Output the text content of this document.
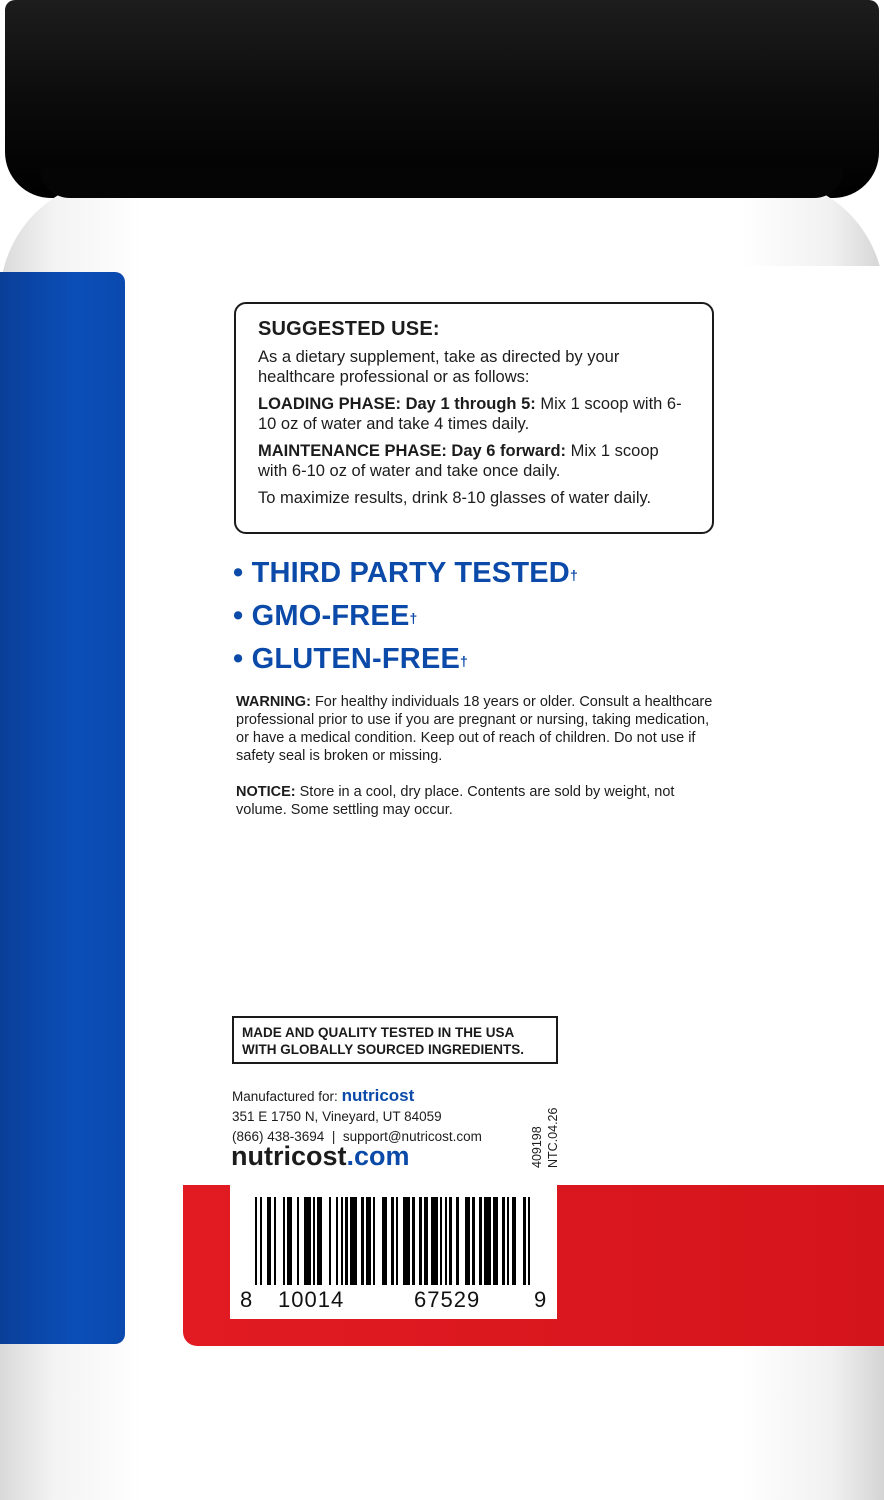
SUGGESTED USE:

As a dietary supplement, take as directed by your healthcare professional or as follows:

LOADING PHASE: Day 1 through 5: Mix 1 scoop with 6-10 oz of water and take 4 times daily.

MAINTENANCE PHASE: Day 6 forward: Mix 1 scoop with 6-10 oz of water and take once daily.

To maximize results, drink 8-10 glasses of water daily.

• THIRD PARTY TESTED†
• GMO-FREE†
• GLUTEN-FREE†
WARNING: For healthy individuals 18 years or older. Consult a healthcare professional prior to use if you are pregnant or nursing, taking medication, or have a medical condition. Keep out of reach of children. Do not use if safety seal is broken or missing.
NOTICE: Store in a cool, dry place. Contents are sold by weight, not volume. Some settling may occur.
MADE AND QUALITY TESTED IN THE USA
WITH GLOBALLY SOURCED INGREDIENTS.
Manufactured for: nutricost
351 E 1750 N, Vineyard, UT 84059
(866) 438-3694  |  support@nutricost.com
nutricost.com	409198 NTC.04.26
8 10014	67529 9
